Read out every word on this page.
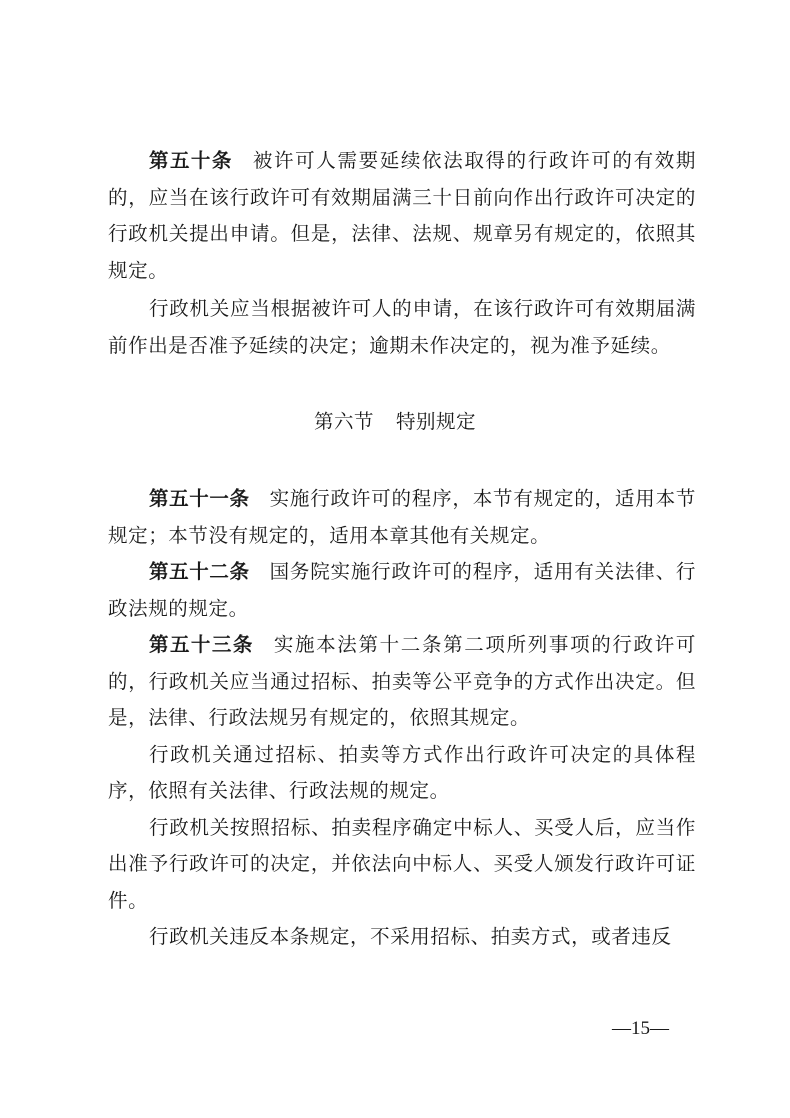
第五十条 被许可人需要延续依法取得的行政许可的有效期的，应当在该行政许可有效期届满三十日前向作出行政许可决定的行政机关提出申请。但是，法律、法规、规章另有规定的，依照其规定。

行政机关应当根据被许可人的申请，在该行政许可有效期届满前作出是否准予延续的决定；逾期未作决定的，视为准予延续。

第六节 特别规定

第五十一条 实施行政许可的程序，本节有规定的，适用本节规定；本节没有规定的，适用本章其他有关规定。

第五十二条 国务院实施行政许可的程序，适用有关法律、行政法规的规定。

第五十三条 实施本法第十二条第二项所列事项的行政许可的，行政机关应当通过招标、拍卖等公平竞争的方式作出决定。但是，法律、行政法规另有规定的，依照其规定。

行政机关通过招标、拍卖等方式作出行政许可决定的具体程序，依照有关法律、行政法规的规定。

行政机关按照招标、拍卖程序确定中标人、买受人后，应当作出准予行政许可的决定，并依法向中标人、买受人颁发行政许可证件。

行政机关违反本条规定，不采用招标、拍卖方式，或者违反

—15—
